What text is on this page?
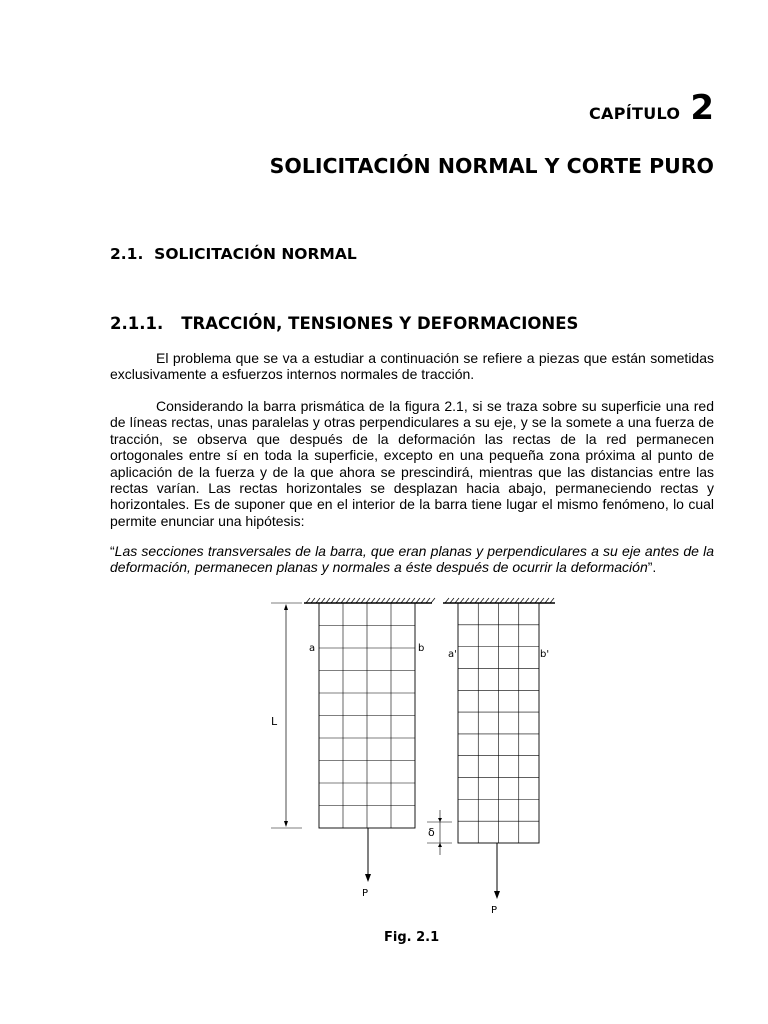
CAPÍTULO 2
SOLICITACIÓN NORMAL Y CORTE PURO
2.1. SOLICITACIÓN NORMAL
2.1.1. TRACCIÓN, TENSIONES Y DEFORMACIONES

El problema que se va a estudiar a continuación se refiere a piezas que están sometidas exclusivamente a esfuerzos internos normales de tracción.

Considerando la barra prismática de la figura 2.1, si se traza sobre su superficie una red de líneas rectas, unas paralelas y otras perpendiculares a su eje, y se la somete a una fuerza de tracción, se observa que después de la deformación las rectas de la red permanecen ortogonales entre sí en toda la superficie, excepto en una pequeña zona próxima al punto de aplicación de la fuerza y de la que ahora se prescindirá, mientras que las distancias entre las rectas varían. Las rectas horizontales se desplazan hacia abajo, permaneciendo rectas y horizontales. Es de suponer que en el interior de la barra tiene lugar el mismo fenómeno, lo cual permite enunciar una hipótesis:

“Las secciones transversales de la barra, que eran planas y perpendiculares a su eje antes de la deformación, permanecen planas y normales a éste después de ocurrir la deformación”.

a	b
a'	b'
L
δ
P
P
Fig. 2.1
